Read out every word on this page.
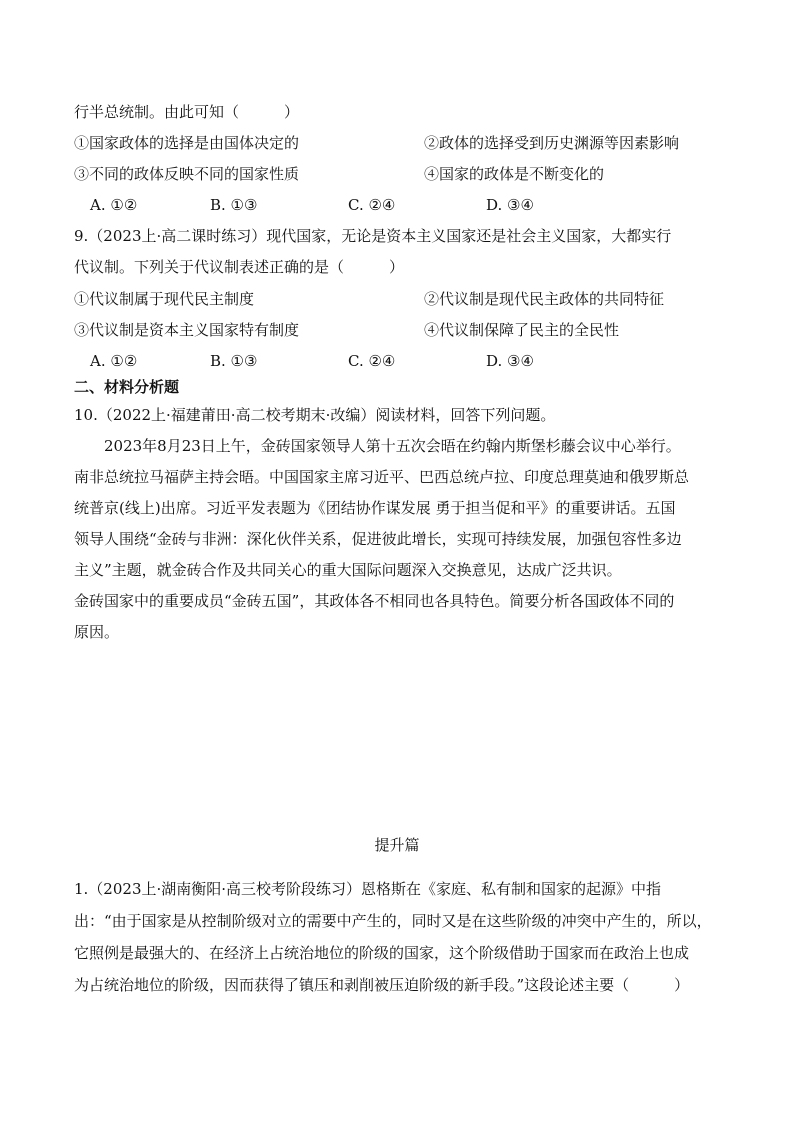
行半总统制。由此可知（　　　）
①国家政体的选择是由国体决定的	②政体的选择受到历史渊源等因素影响
③不同的政体反映不同的国家性质	④国家的政体是不断变化的
A. ①②	B. ①③	C. ②④	D. ③④
9.（2023上·高二课时练习）现代国家，无论是资本主义国家还是社会主义国家，大都实行
代议制。下列关于代议制表述正确的是（　　　）
①代议制属于现代民主制度	②代议制是现代民主政体的共同特征
③代议制是资本主义国家特有制度	④代议制保障了民主的全民性
A. ①②	B. ①③	C. ②④	D. ③④
二、材料分析题
10.（2022上·福建莆田·高二校考期末·改编）阅读材料，回答下列问题。
2023年8月23日上午，金砖国家领导人第十五次会晤在约翰内斯堡杉藤会议中心举行。
南非总统拉马福萨主持会晤。中国国家主席习近平、巴西总统卢拉、印度总理莫迪和俄罗斯总
统普京(线上)出席。习近平发表题为《团结协作谋发展 勇于担当促和平》的重要讲话。五国
领导人围绕“金砖与非洲：深化伙伴关系，促进彼此增长，实现可持续发展，加强包容性多边
主义”主题，就金砖合作及共同关心的重大国际问题深入交换意见，达成广泛共识。
金砖国家中的重要成员“金砖五国”，其政体各不相同也各具特色。简要分析各国政体不同的
原因。
提升篇
1.（2023上·湖南衡阳·高三校考阶段练习）恩格斯在《家庭、私有制和国家的起源》中指
出：“由于国家是从控制阶级对立的需要中产生的，同时又是在这些阶级的冲突中产生的，所以，
它照例是最强大的、在经济上占统治地位的阶级的国家，这个阶级借助于国家而在政治上也成
为占统治地位的阶级，因而获得了镇压和剥削被压迫阶级的新手段。”这段论述主要（　　　）
